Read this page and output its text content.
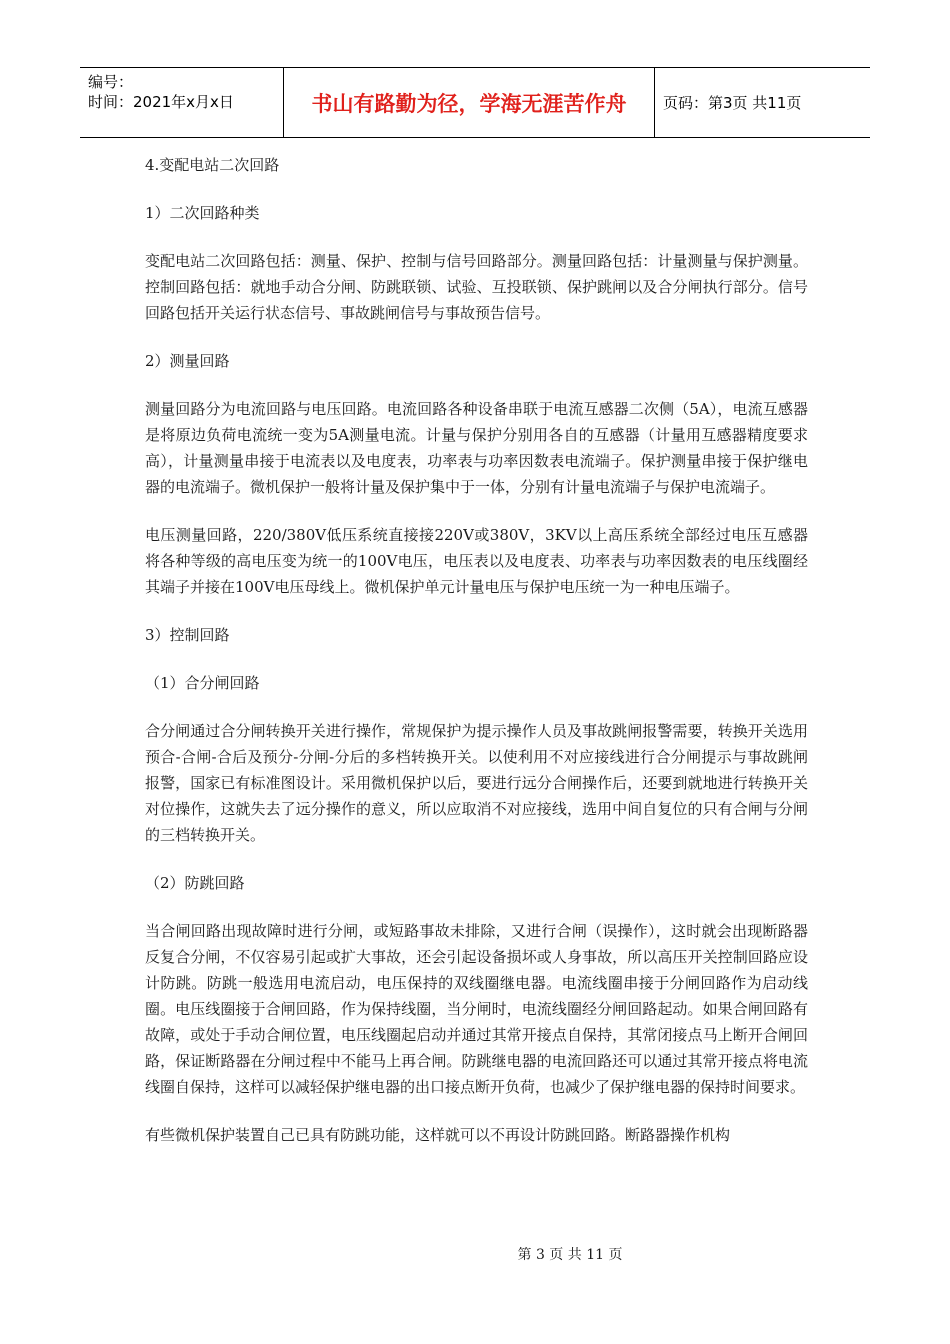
编号：
时间：2021年x月x日	书山有路勤为径，学海无涯苦作舟	页码：第3页 共11页

4.变配电站二次回路

1）二次回路种类

变配电站二次回路包括：测量、保护、控制与信号回路部分。测量回路包括：计量测量与保护测量。控制回路包括：就地手动合分闸、防跳联锁、试验、互投联锁、保护跳闸以及合分闸执行部分。信号回路包括开关运行状态信号、事故跳闸信号与事故预告信号。

2）测量回路

测量回路分为电流回路与电压回路。电流回路各种设备串联于电流互感器二次侧（5A），电流互感器是将原边负荷电流统一变为5A测量电流。计量与保护分别用各自的互感器（计量用互感器精度要求高），计量测量串接于电流表以及电度表，功率表与功率因数表电流端子。保护测量串接于保护继电器的电流端子。微机保护一般将计量及保护集中于一体，分别有计量电流端子与保护电流端子。

电压测量回路，220/380V低压系统直接接220V或380V，3KV以上高压系统全部经过电压互感器将各种等级的高电压变为统一的100V电压，电压表以及电度表、功率表与功率因数表的电压线圈经其端子并接在100V电压母线上。微机保护单元计量电压与保护电压统一为一种电压端子。

3）控制回路

（1）合分闸回路

合分闸通过合分闸转换开关进行操作，常规保护为提示操作人员及事故跳闸报警需要，转换开关选用预合-合闸-合后及预分-分闸-分后的多档转换开关。以使利用不对应接线进行合分闸提示与事故跳闸报警，国家已有标准图设计。采用微机保护以后，要进行远分合闸操作后，还要到就地进行转换开关对位操作，这就失去了远分操作的意义，所以应取消不对应接线，选用中间自复位的只有合闸与分闸的三档转换开关。

（2）防跳回路

当合闸回路出现故障时进行分闸，或短路事故未排除，又进行合闸（误操作），这时就会出现断路器反复合分闸，不仅容易引起或扩大事故，还会引起设备损坏或人身事故，所以高压开关控制回路应设计防跳。防跳一般选用电流启动，电压保持的双线圈继电器。电流线圈串接于分闸回路作为启动线圈。电压线圈接于合闸回路，作为保持线圈，当分闸时，电流线圈经分闸回路起动。如果合闸回路有故障，或处于手动合闸位置，电压线圈起启动并通过其常开接点自保持，其常闭接点马上断开合闸回路，保证断路器在分闸过程中不能马上再合闸。防跳继电器的电流回路还可以通过其常开接点将电流线圈自保持，这样可以减轻保护继电器的出口接点断开负荷，也减少了保护继电器的保持时间要求。

有些微机保护装置自己已具有防跳功能，这样就可以不再设计防跳回路。断路器操作机构

第 3 页 共 11 页
